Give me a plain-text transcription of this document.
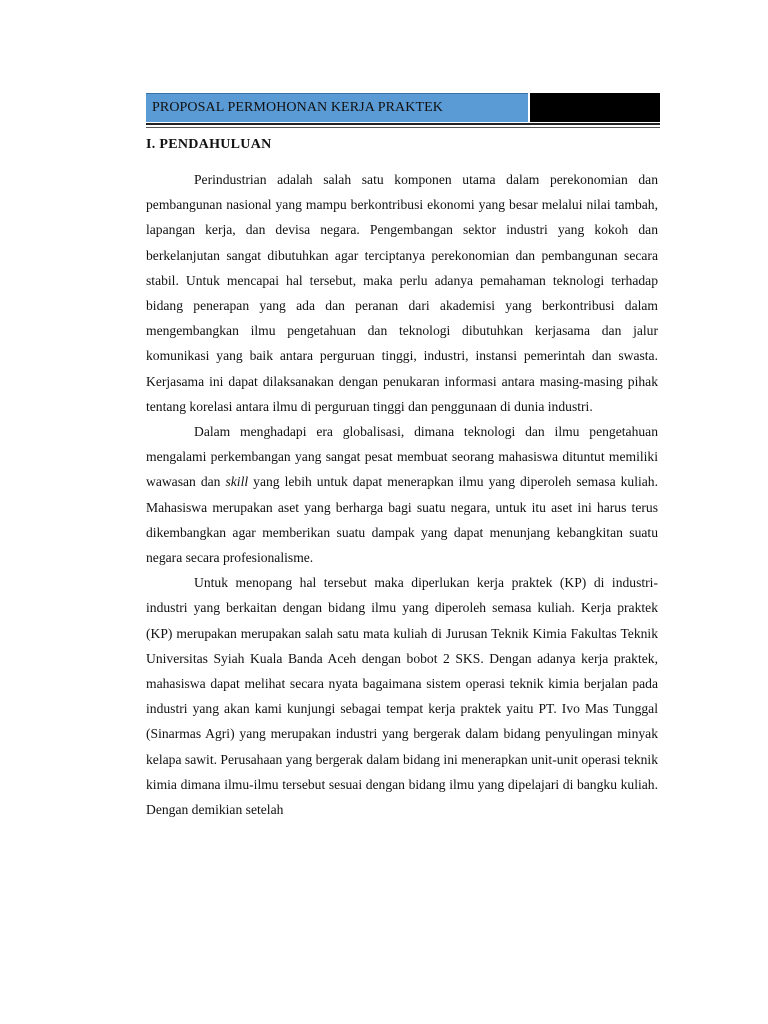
PROPOSAL PERMOHONAN KERJA PRAKTEK
I. PENDAHULUAN

Perindustrian adalah salah satu komponen utama dalam perekonomian dan pembangunan nasional yang mampu berkontribusi ekonomi yang besar melalui nilai tambah, lapangan kerja, dan devisa negara. Pengembangan sektor industri yang kokoh dan berkelanjutan sangat dibutuhkan agar terciptanya perekonomian dan pembangunan secara stabil. Untuk mencapai hal tersebut, maka perlu adanya pemahaman teknologi terhadap bidang penerapan yang ada dan peranan dari akademisi yang berkontribusi dalam mengembangkan ilmu pengetahuan dan teknologi dibutuhkan kerjasama dan jalur komunikasi yang baik antara perguruan tinggi, industri, instansi pemerintah dan swasta. Kerjasama ini dapat dilaksanakan dengan penukaran informasi antara masing-masing pihak tentang korelasi antara ilmu di perguruan tinggi dan penggunaan di dunia industri.

Dalam menghadapi era globalisasi, dimana teknologi dan ilmu pengetahuan mengalami perkembangan yang sangat pesat membuat seorang mahasiswa dituntut memiliki wawasan dan skill yang lebih untuk dapat menerapkan ilmu yang diperoleh semasa kuliah. Mahasiswa merupakan aset yang berharga bagi suatu negara, untuk itu aset ini harus terus dikembangkan agar memberikan suatu dampak yang dapat menunjang kebangkitan suatu negara secara profesionalisme.

Untuk menopang hal tersebut maka diperlukan kerja praktek (KP) di industri-industri yang berkaitan dengan bidang ilmu yang diperoleh semasa kuliah. Kerja praktek (KP) merupakan merupakan salah satu mata kuliah di Jurusan Teknik Kimia Fakultas Teknik Universitas Syiah Kuala Banda Aceh dengan bobot 2 SKS. Dengan adanya kerja praktek, mahasiswa dapat melihat secara nyata bagaimana sistem operasi teknik kimia berjalan pada industri yang akan kami kunjungi sebagai tempat kerja praktek yaitu PT. Ivo Mas Tunggal (Sinarmas Agri) yang merupakan industri yang bergerak dalam bidang penyulingan minyak kelapa sawit. Perusahaan yang bergerak dalam bidang ini menerapkan unit-unit operasi teknik kimia dimana ilmu-ilmu tersebut sesuai dengan bidang ilmu yang dipelajari di bangku kuliah. Dengan demikian setelah
